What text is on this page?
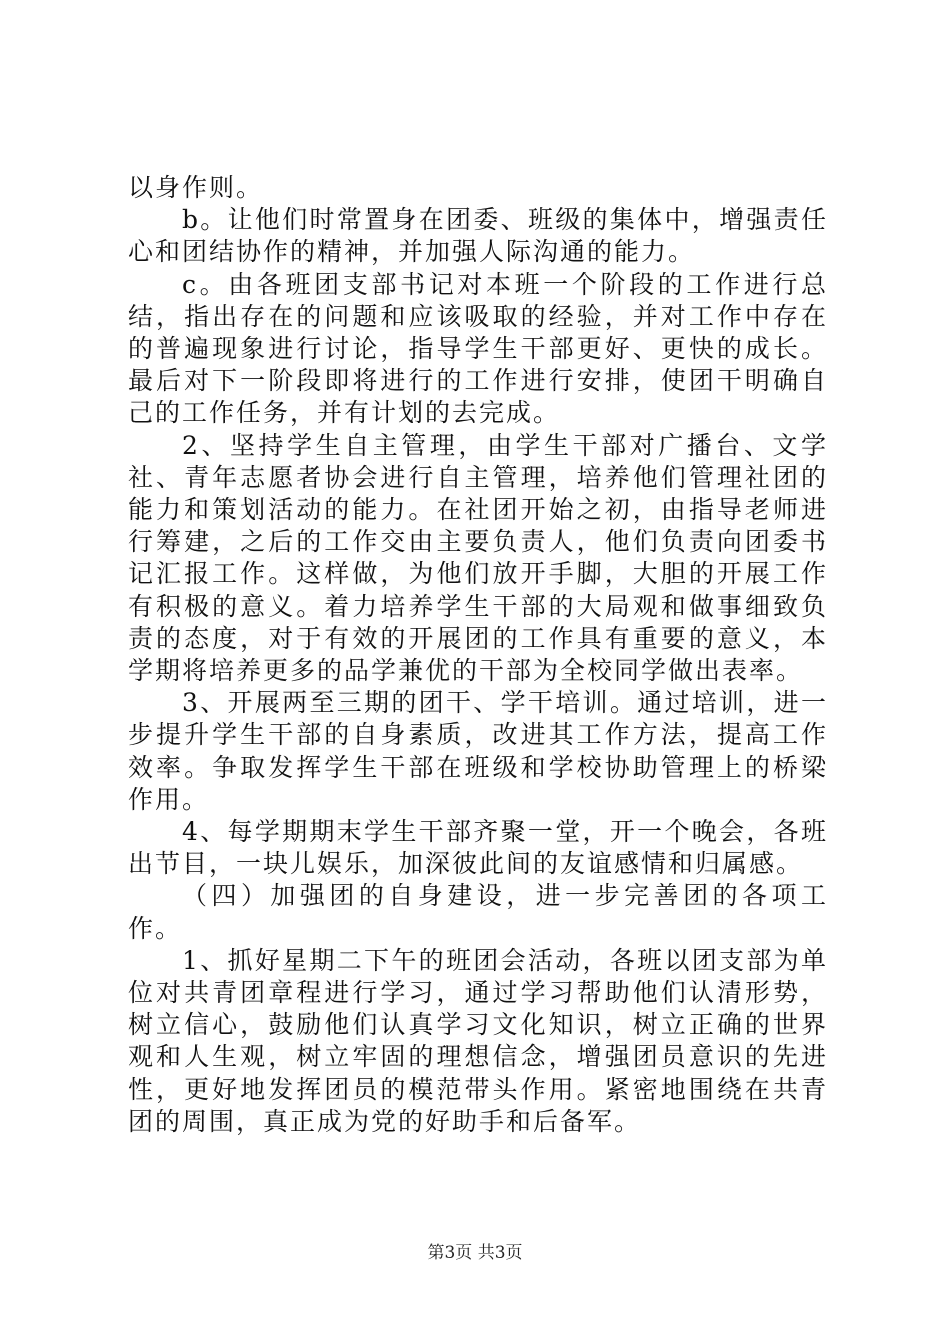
以身作则。

b。让他们时常置身在团委、班级的集体中，增强责任心和团结协作的精神，并加强人际沟通的能力。

c。由各班团支部书记对本班一个阶段的工作进行总结，指出存在的问题和应该吸取的经验，并对工作中存在的普遍现象进行讨论，指导学生干部更好、更快的成长。最后对下一阶段即将进行的工作进行安排，使团干明确自己的工作任务，并有计划的去完成。

2、坚持学生自主管理，由学生干部对广播台、文学社、青年志愿者协会进行自主管理，培养他们管理社团的能力和策划活动的能力。在社团开始之初，由指导老师进行筹建，之后的工作交由主要负责人，他们负责向团委书记汇报工作。这样做，为他们放开手脚，大胆的开展工作有积极的意义。着力培养学生干部的大局观和做事细致负责的态度，对于有效的开展团的工作具有重要的意义，本学期将培养更多的品学兼优的干部为全校同学做出表率。

3、开展两至三期的团干、学干培训。通过培训，进一步提升学生干部的自身素质，改进其工作方法，提高工作效率。争取发挥学生干部在班级和学校协助管理上的桥梁作用。

4、每学期期末学生干部齐聚一堂，开一个晚会，各班出节目，一块儿娱乐，加深彼此间的友谊感情和归属感。

（四）加强团的自身建设，进一步完善团的各项工作。

1、抓好星期二下午的班团会活动，各班以团支部为单位对共青团章程进行学习，通过学习帮助他们认清形势，树立信心，鼓励他们认真学习文化知识，树立正确的世界观和人生观，树立牢固的理想信念，增强团员意识的先进性，更好地发挥团员的模范带头作用。紧密地围绕在共青团的周围，真正成为党的好助手和后备军。

第3页 共3页
